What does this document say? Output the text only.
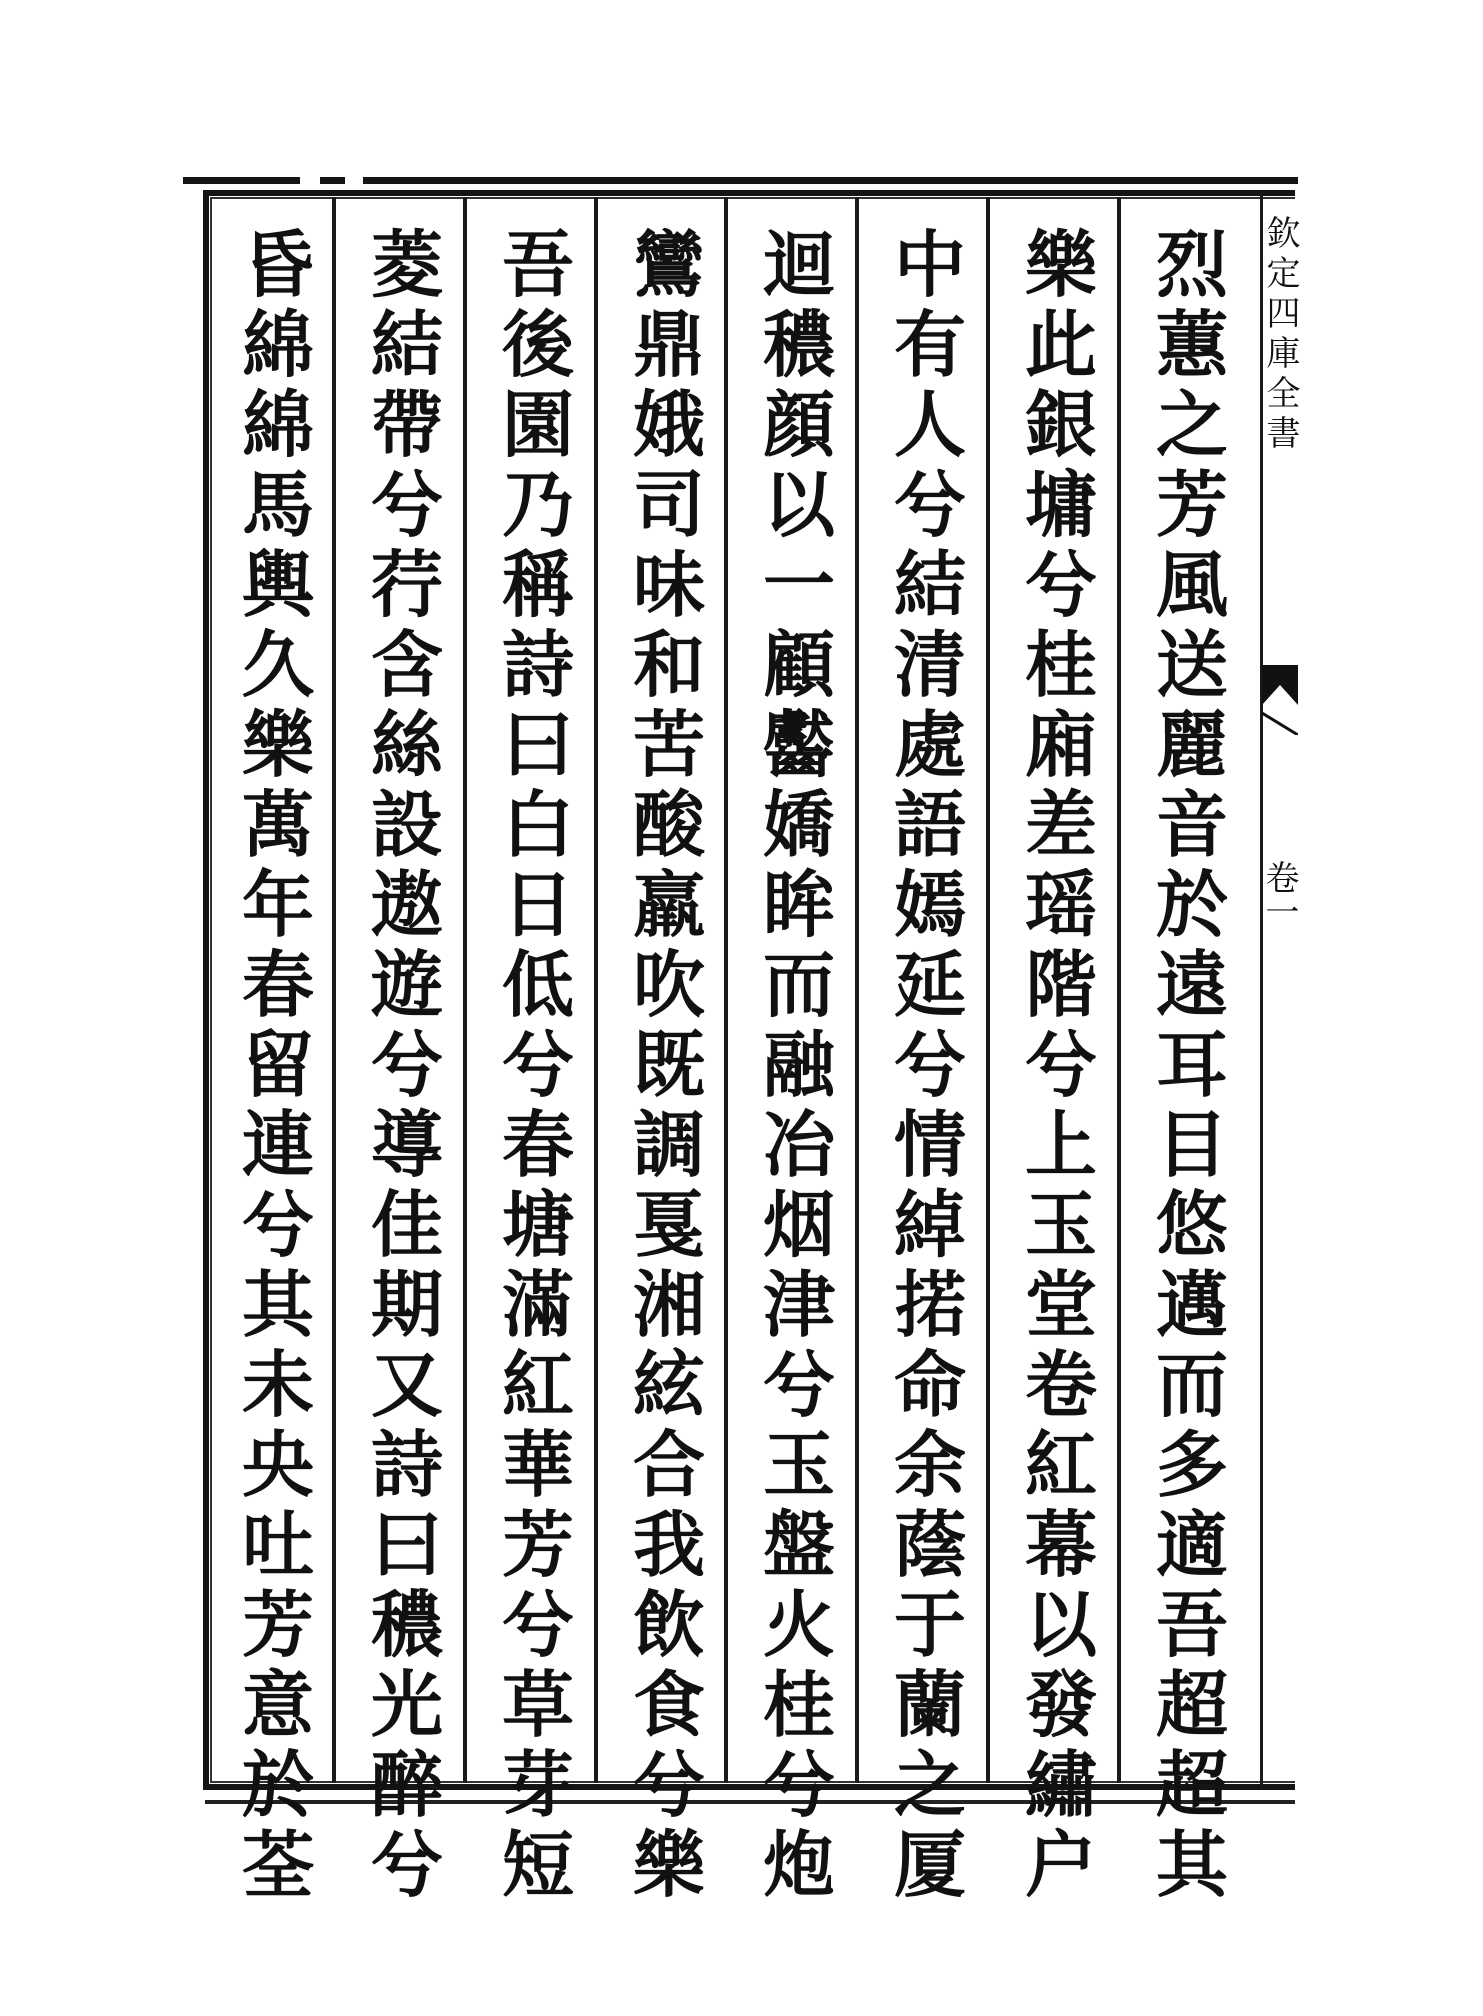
烈
蕙
之
芳
風
送
麗
音
於
遠
耳
目
悠
邁
而
多
適
吾
超
超
其
樂
此
銀
墉
兮
桂
廂
差
瑶
階
兮
上
玉
堂
卷
紅
幕
以
發
繡
户
中
有
人
兮
結
清
處
語
嫣
延
兮
情
綽
掿
命
余
蔭
于
蘭
之
厦
迴
穠
顔
以
一
顧
齾
嬌
眸
而
融
冶
烟
津
兮
玉
盤
火
桂
兮
炮
鸞
鼎
娥
司
味
和
苦
酸
羸
吹
既
調
戛
湘
絃
合
我
飲
食
兮
樂
吾
後
園
乃
稱
詩
曰
白
日
低
兮
春
塘
滿
紅
華
芳
兮
草
芽
短
菱
結
帶
兮
荇
含
絲
設
遨
遊
兮
導
佳
期
又
詩
曰
穠
光
醉
兮
昏
綿
綿
馬
輿
久
樂
萬
年
春
留
連
兮
其
未
央
吐
芳
意
於
荃
欽定四庫全書
卷一
